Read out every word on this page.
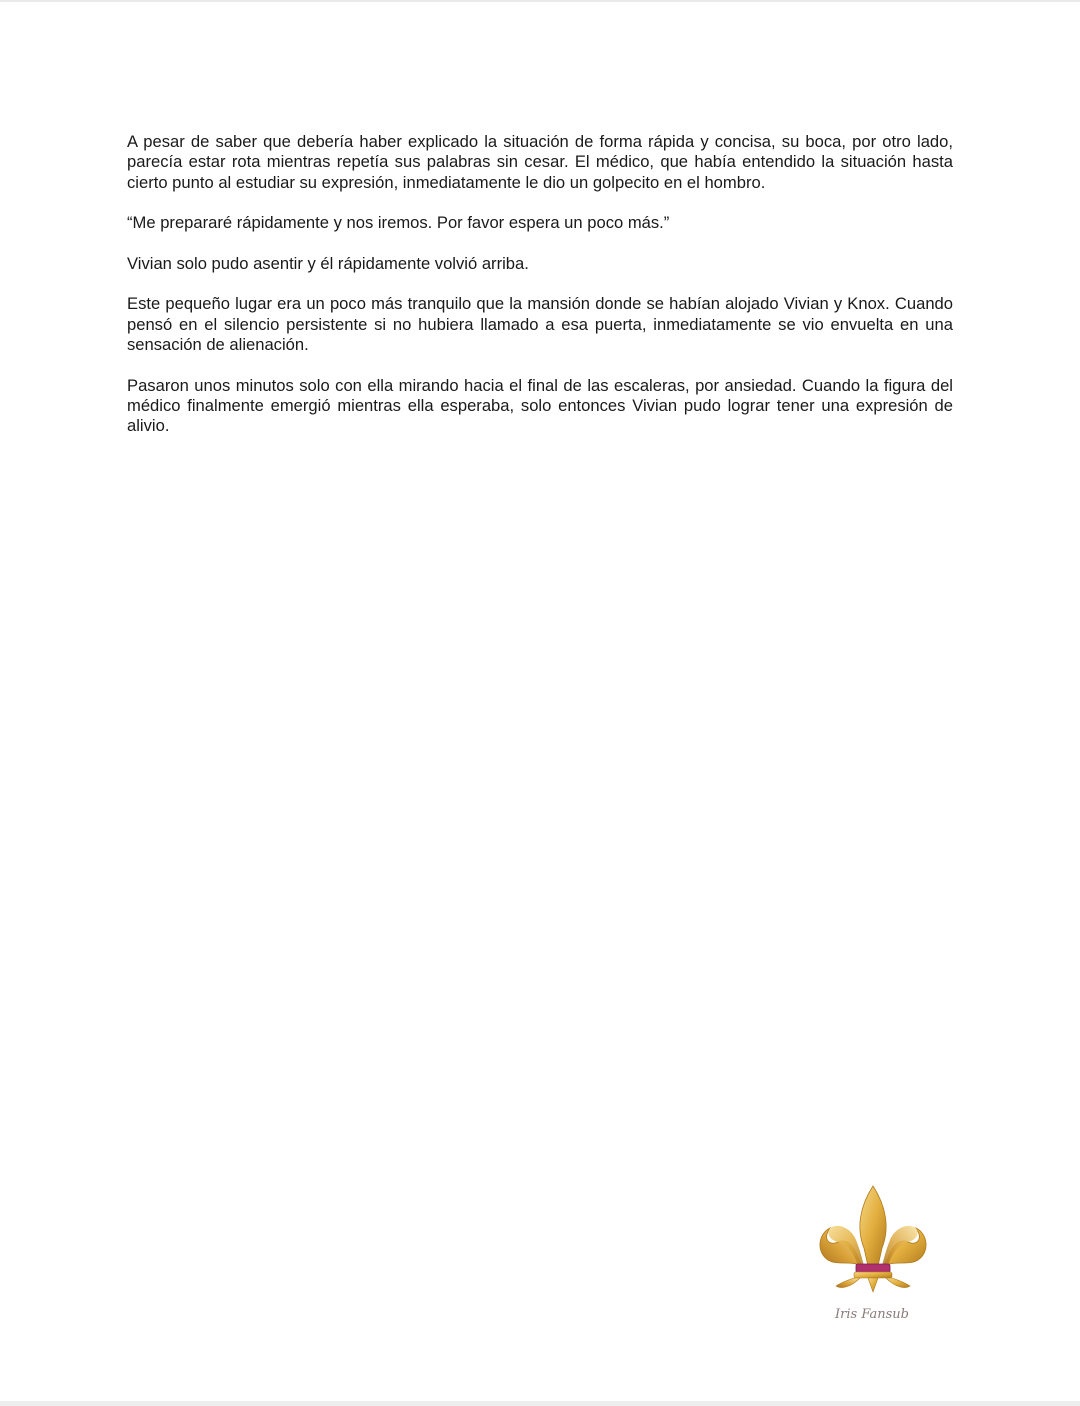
A pesar de saber que debería haber explicado la situación de forma rápida y concisa, su boca, por otro lado, parecía estar rota mientras repetía sus palabras sin cesar. El médico, que había entendido la situación hasta cierto punto al estudiar su expresión, inmediatamente le dio un golpecito en el hombro.

“Me prepararé rápidamente y nos iremos. Por favor espera un poco más.”

Vivian solo pudo asentir y él rápidamente volvió arriba.

Este pequeño lugar era un poco más tranquilo que la mansión donde se habían alojado Vivian y Knox. Cuando pensó en el silencio persistente si no hubiera llamado a esa puerta, inmediatamente se vio envuelta en una sensación de alienación.

Pasaron unos minutos solo con ella mirando hacia el final de las escaleras, por ansiedad. Cuando la figura del médico finalmente emergió mientras ella esperaba, solo entonces Vivian pudo lograr tener una expresión de alivio.

Iris Fansub
